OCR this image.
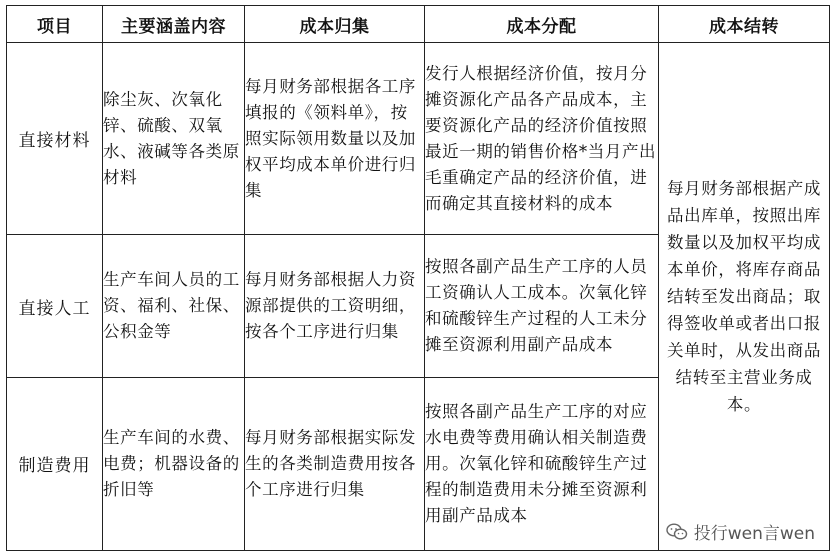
项目	主要涵盖内容	成本归集	成本分配	成本结转
直接材料	除尘灰、次氧化锌、硫酸、双氧水、液碱等各类原材料	每月财务部根据各工序填报的《领料单》，按照实际领用数量以及加权平均成本单价进行归集	发行人根据经济价值，按月分摊资源化产品各产品成本，主要资源化产品的经济价值按照最近一期的销售价格*当月产出毛重确定产品的经济价值，进而确定其直接材料的成本	每月财务部根据产成品出库单，按照出库数量以及加权平均成本单价，将库存商品结转至发出商品；取得签收单或者出口报关单时，从发出商品结转至主营业务成本。
直接人工	生产车间人员的工资、福利、社保、公积金等	每月财务部根据人力资源部提供的工资明细，按各个工序进行归集	按照各副产品生产工序的人员工资确认人工成本。次氧化锌和硫酸锌生产过程的人工未分摊至资源利用副产品成本	
制造费用	生产车间的水费、电费；机器设备的折旧等	每月财务部根据实际发生的各类制造费用按各个工序进行归集	按照各副产品生产工序的对应水电费等费用确认相关制造费用。次氧化锌和硫酸锌生产过程的制造费用未分摊至资源利用副产品成本	
投行wen言wen
